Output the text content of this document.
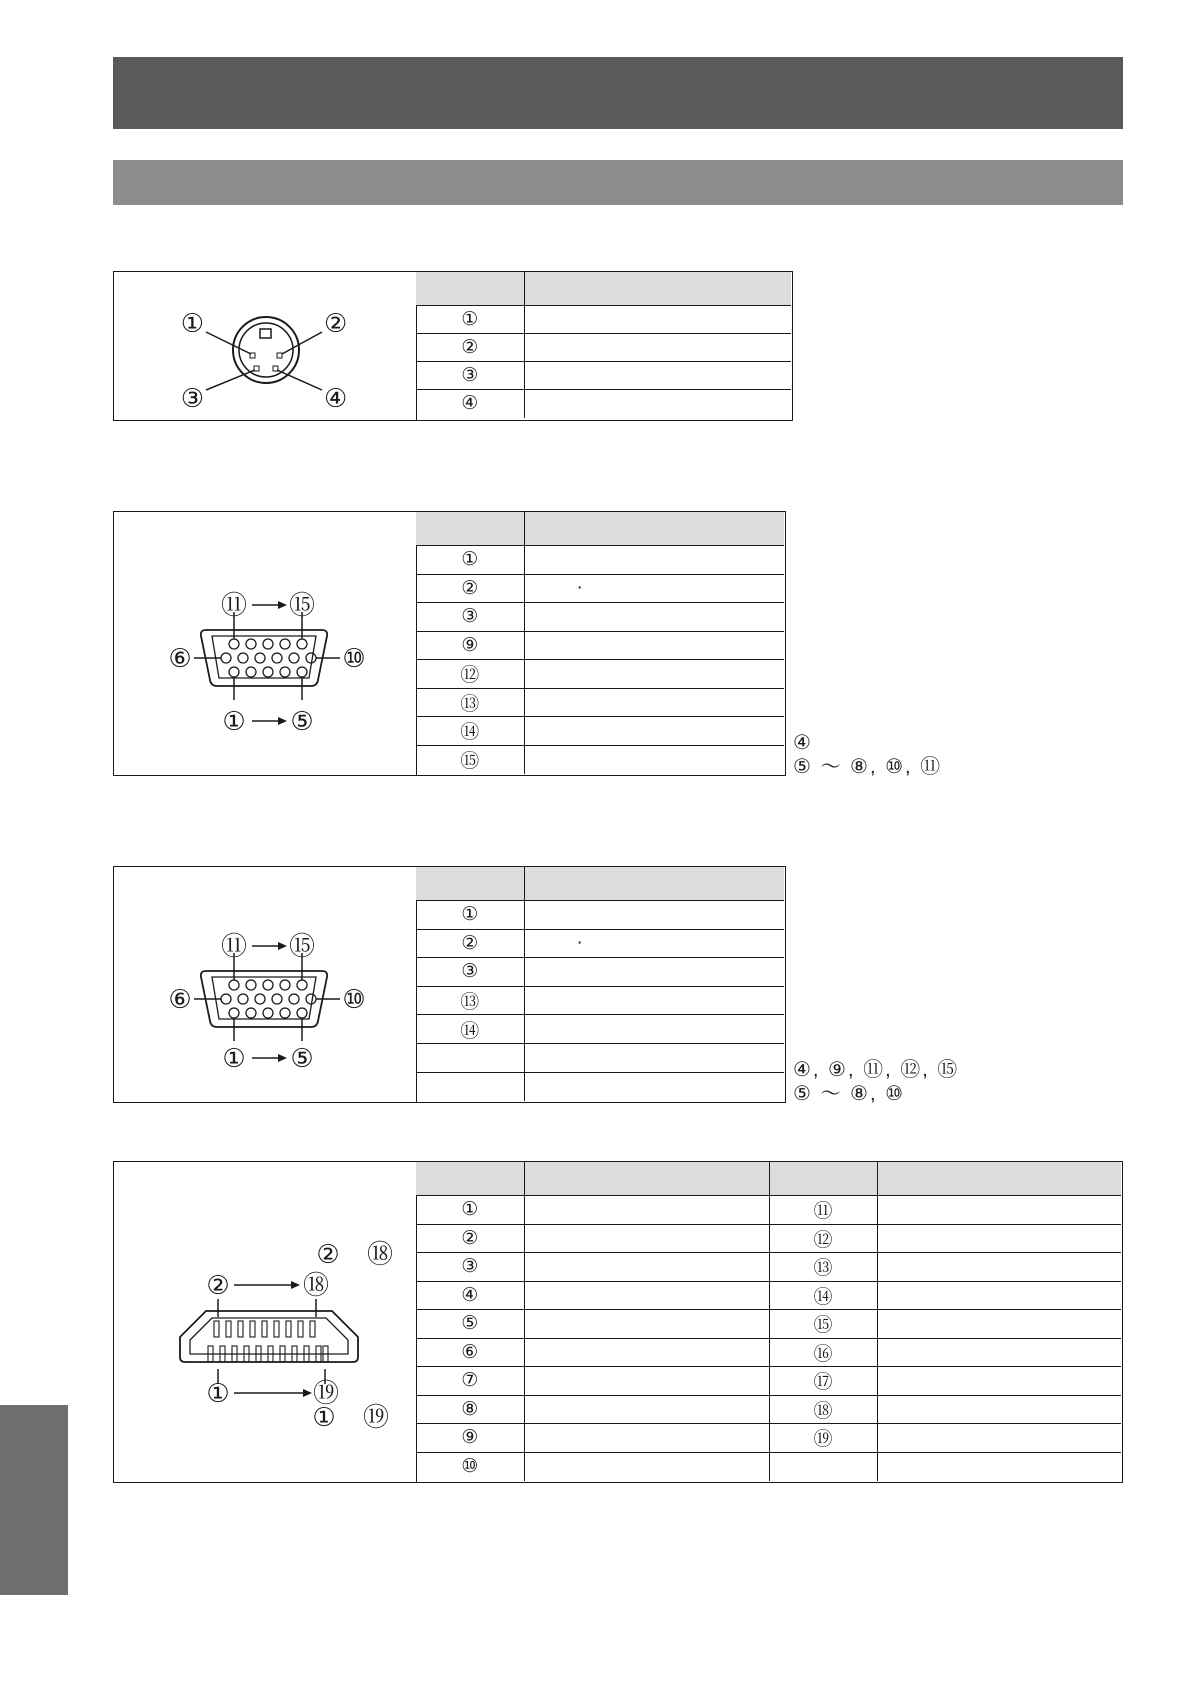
①	②
③	④

①	
②	
③	
④	
⑪ ⑮
⑥	⑩
① ⑤

①	
②	·
③	
⑨	
⑫	
⑬	
⑭	
⑮	
④
⑤ ～ ⑧, ⑩, ⑪
⑪ ⑮
⑥	⑩
① ⑤

①	
②	·
③	
⑬	
⑭	

④, ⑨, ⑪, ⑫, ⑮
⑤ ～ ⑧, ⑩
② ⑱
②	⑱
①	⑲
① ⑲

①		⑪	
②		⑫	
③		⑬	
④		⑭	
⑤		⑮	
⑥		⑯	
⑦		⑰	
⑧		⑱	
⑨		⑲	
⑩			
